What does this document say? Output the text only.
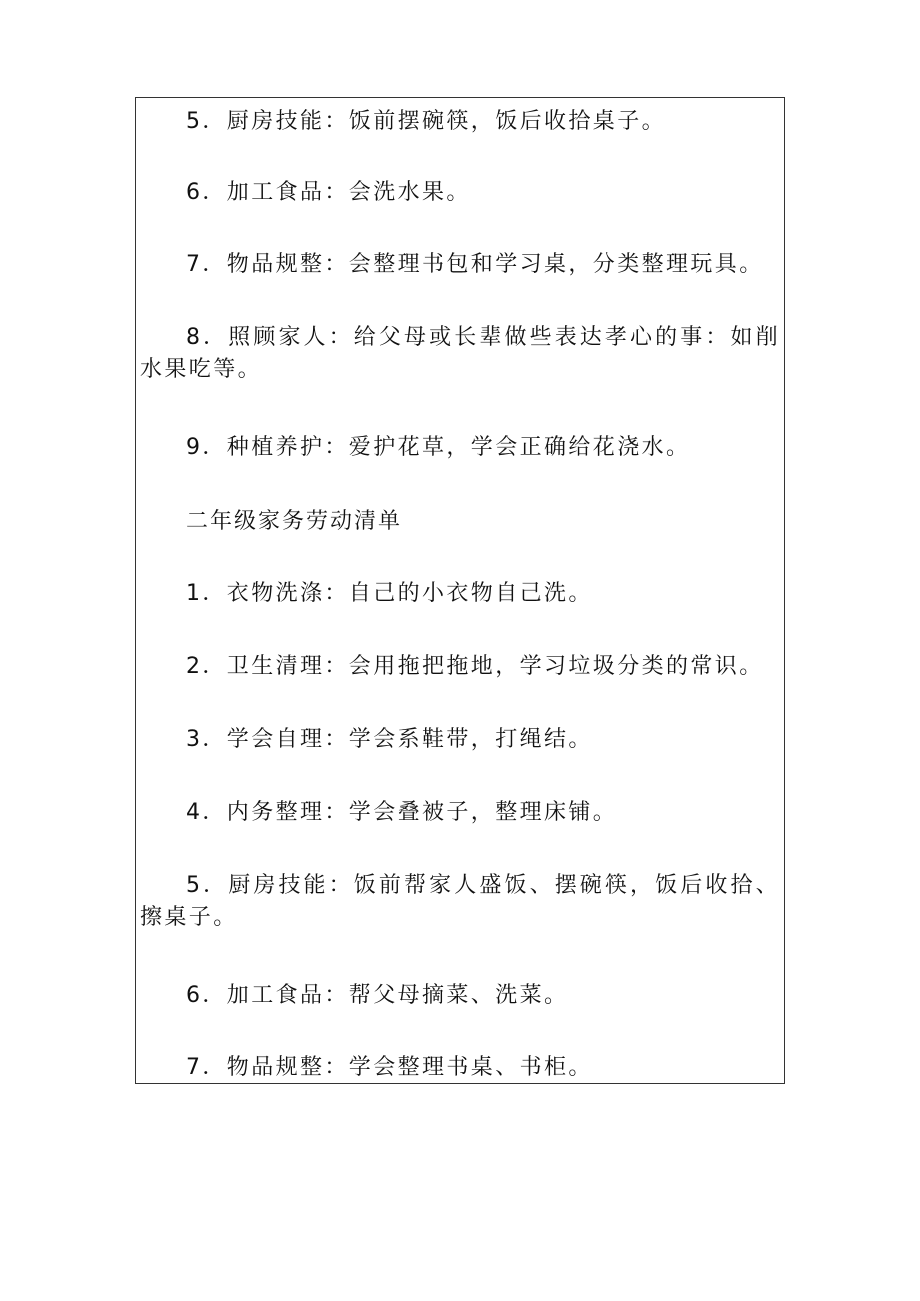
5．厨房技能：饭前摆碗筷，饭后收拾桌子。
6．加工食品：会洗水果。
7．物品规整：会整理书包和学习桌，分类整理玩具。
8．照顾家人：给父母或长辈做些表达孝心的事：如削水果吃等。
9．种植养护：爱护花草，学会正确给花浇水。
二年级家务劳动清单
1．衣物洗涤：自己的小衣物自己洗。
2．卫生清理：会用拖把拖地，学习垃圾分类的常识。
3．学会自理：学会系鞋带，打绳结。
4．内务整理：学会叠被子，整理床铺。
5．厨房技能：饭前帮家人盛饭、摆碗筷，饭后收拾、擦桌子。
6．加工食品：帮父母摘菜、洗菜。
7．物品规整：学会整理书桌、书柜。
